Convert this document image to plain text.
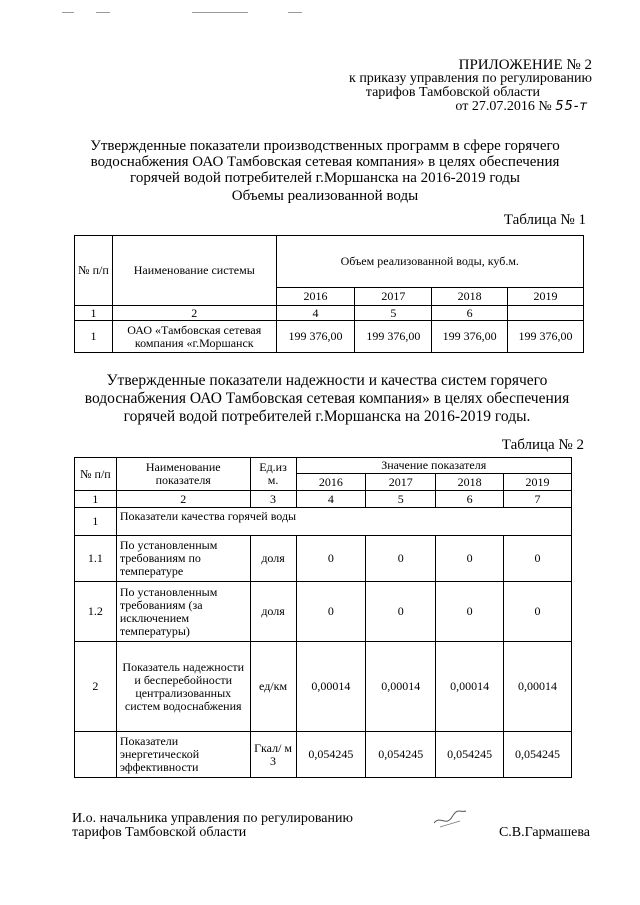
ПРИЛОЖЕНИЕ № 2
к приказу управления по регулированию
тарифов Тамбовской области
от 27.07.2016 № 55-т
Утвержденные показатели производственных программ в сфере горячего
водоснабжения ОАО Тамбовская сетевая компания» в целях обеспечения
горячей водой потребителей г.Моршанска на 2016-2019 годы
Объемы реализованной воды
Таблица № 1
№ п/п	Наименование системы	Объем реализованной воды, куб.м.			
		2016	2017	2018	2019
1	2	4	5	6	
1	ОАО «Тамбовская сетевая компания «г.Моршанск	199 376,00	199 376,00	199 376,00	199 376,00
Утвержденные показатели надежности и качества систем горячего
водоснабжения ОАО Тамбовская сетевая компания» в целях обеспечения
горячей водой потребителей г.Моршанска на 2016-2019 годы.
Таблица № 2
№ п/п	Наименование показателя	Ед.из м.	Значение показателя			
			2016	2017	2018	2019
1	2	3	4	5	6	7
1	Показатели качества горячей воды					
1.1	По установленным требованиям по температуре	доля	0	0	0	0
1.2	По установленным требованиям (за исключением температуры)	доля	0	0	0	0
2	Показатель надежности и бесперебойности централизованных систем водоснабжения	ед/км	0,00014	0,00014	0,00014	0,00014
	Показатели энергетической эффективности	Гкал/ м 3	0,054245	0,054245	0,054245	0,054245
И.о. начальника управления по регулированию
тарифов Тамбовской области	С.В.Гармашева
